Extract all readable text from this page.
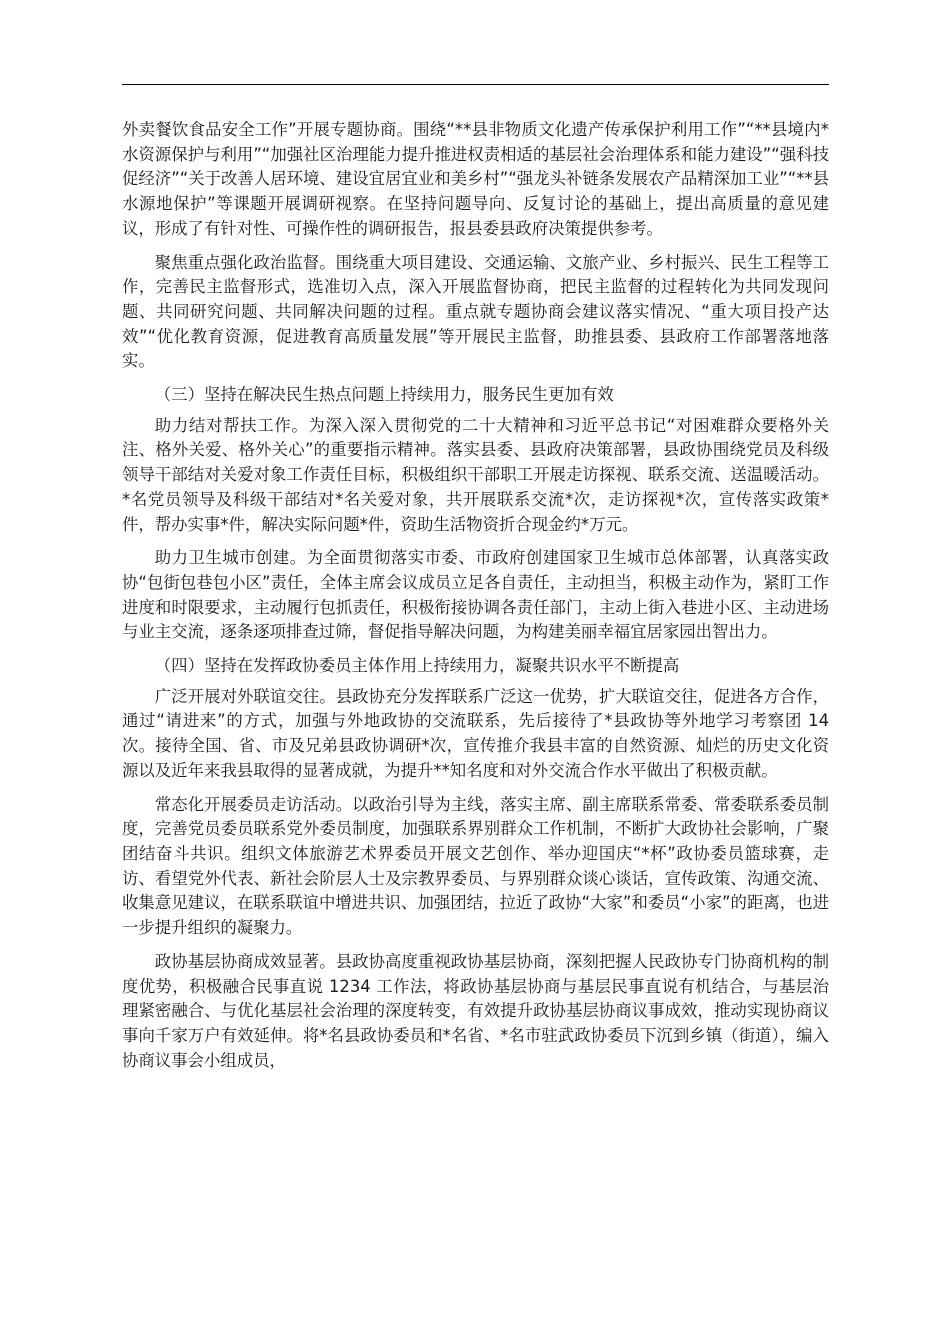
外卖餐饮食品安全工作”开展专题协商。围绕“**县非物质文化遗产传承保护利用工作”“**县境内*水资源保护与利用”“加强社区治理能力提升推进权责相适的基层社会治理体系和能力建设”“强科技促经济”“关于改善人居环境、建设宜居宜业和美乡村”“强龙头补链条发展农产品精深加工业”“**县水源地保护”等课题开展调研视察。在坚持问题导向、反复讨论的基础上，提出高质量的意见建议，形成了有针对性、可操作性的调研报告，报县委县政府决策提供参考。

聚焦重点强化政治监督。围绕重大项目建设、交通运输、文旅产业、乡村振兴、民生工程等工作，完善民主监督形式，选准切入点，深入开展监督协商，把民主监督的过程转化为共同发现问题、共同研究问题、共同解决问题的过程。重点就专题协商会建议落实情况、“重大项目投产达效”“优化教育资源，促进教育高质量发展”等开展民主监督，助推县委、县政府工作部署落地落实。

（三）坚持在解决民生热点问题上持续用力，服务民生更加有效

助力结对帮扶工作。为深入深入贯彻党的二十大精神和习近平总书记“对困难群众要格外关注、格外关爱、格外关心”的重要指示精神。落实县委、县政府决策部署，县政协围绕党员及科级领导干部结对关爱对象工作责任目标，积极组织干部职工开展走访探视、联系交流、送温暖活动。*名党员领导及科级干部结对*名关爱对象，共开展联系交流*次，走访探视*次，宣传落实政策*件，帮办实事*件，解决实际问题*件，资助生活物资折合现金约*万元。

助力卫生城市创建。为全面贯彻落实市委、市政府创建国家卫生城市总体部署，认真落实政协“包街包巷包小区”责任，全体主席会议成员立足各自责任，主动担当，积极主动作为，紧盯工作进度和时限要求，主动履行包抓责任，积极衔接协调各责任部门，主动上街入巷进小区、主动进场与业主交流，逐条逐项排查过筛，督促指导解决问题，为构建美丽幸福宜居家园出智出力。

（四）坚持在发挥政协委员主体作用上持续用力，凝聚共识水平不断提高

广泛开展对外联谊交往。县政协充分发挥联系广泛这一优势，扩大联谊交往，促进各方合作，通过“请进来”的方式，加强与外地政协的交流联系，先后接待了*县政协等外地学习考察团 14 次。接待全国、省、市及兄弟县政协调研*次，宣传推介我县丰富的自然资源、灿烂的历史文化资源以及近年来我县取得的显著成就，为提升**知名度和对外交流合作水平做出了积极贡献。

常态化开展委员走访活动。以政治引导为主线，落实主席、副主席联系常委、常委联系委员制度，完善党员委员联系党外委员制度，加强联系界别群众工作机制，不断扩大政协社会影响，广聚团结奋斗共识。组织文体旅游艺术界委员开展文艺创作、举办迎国庆“*杯”政协委员篮球赛，走访、看望党外代表、新社会阶层人士及宗教界委员、与界别群众谈心谈话，宣传政策、沟通交流、收集意见建议，在联系联谊中增进共识、加强团结，拉近了政协“大家”和委员“小家”的距离，也进一步提升组织的凝聚力。

政协基层协商成效显著。县政协高度重视政协基层协商，深刻把握人民政协专门协商机构的制度优势，积极融合民事直说 1234 工作法，将政协基层协商与基层民事直说有机结合，与基层治理紧密融合、与优化基层社会治理的深度转变，有效提升政协基层协商议事成效，推动实现协商议事向千家万户有效延伸。将*名县政协委员和*名省、*名市驻武政协委员下沉到乡镇（街道），编入协商议事会小组成员，
